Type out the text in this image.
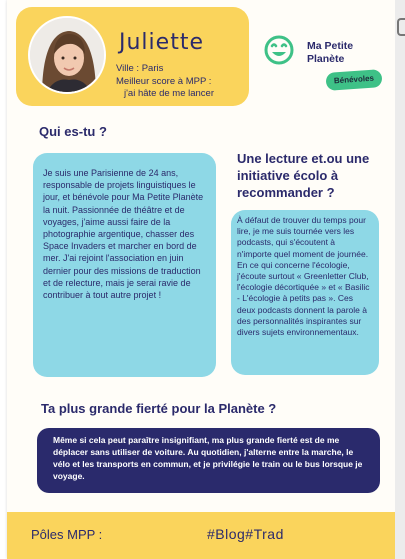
Juliette
Ville : Paris
Meilleur score à MPP :
j'ai hâte de me lancer
Ma Petite
Planète
Bénévoles
Qui es-tu ?

Je suis une Parisienne de 24 ans, responsable de projets linguistiques le jour, et bénévole pour Ma Petite Planète la nuit. Passionnée de théâtre et de voyages, j'aime aussi faire de la photographie argentique, chasser des Space Invaders et marcher en bord de mer. J'ai rejoint l'association en juin dernier pour des missions de traduction et de relecture, mais je serai ravie de contribuer à tout autre projet !

Une lecture et.ou une initiative écolo à recommander ?

À défaut de trouver du temps pour lire, je me suis tournée vers les podcasts, qui s'écoutent à n'importe quel moment de journée. En ce qui concerne l'écologie, j'écoute surtout « Greenletter Club, l'écologie décortiquée » et « Basilic - L'écologie à petits pas ». Ces deux podcasts donnent la parole à des personnalités inspirantes sur divers sujets environnementaux.

Ta plus grande fierté pour la Planète ?

Même si cela peut paraître insignifiant, ma plus grande fierté est de me déplacer sans utiliser de voiture. Au quotidien, j'alterne entre la marche, le vélo et les transports en commun, et je privilégie le train ou le bus lorsque je voyage.

Pôles MPP :	#Blog#Trad
